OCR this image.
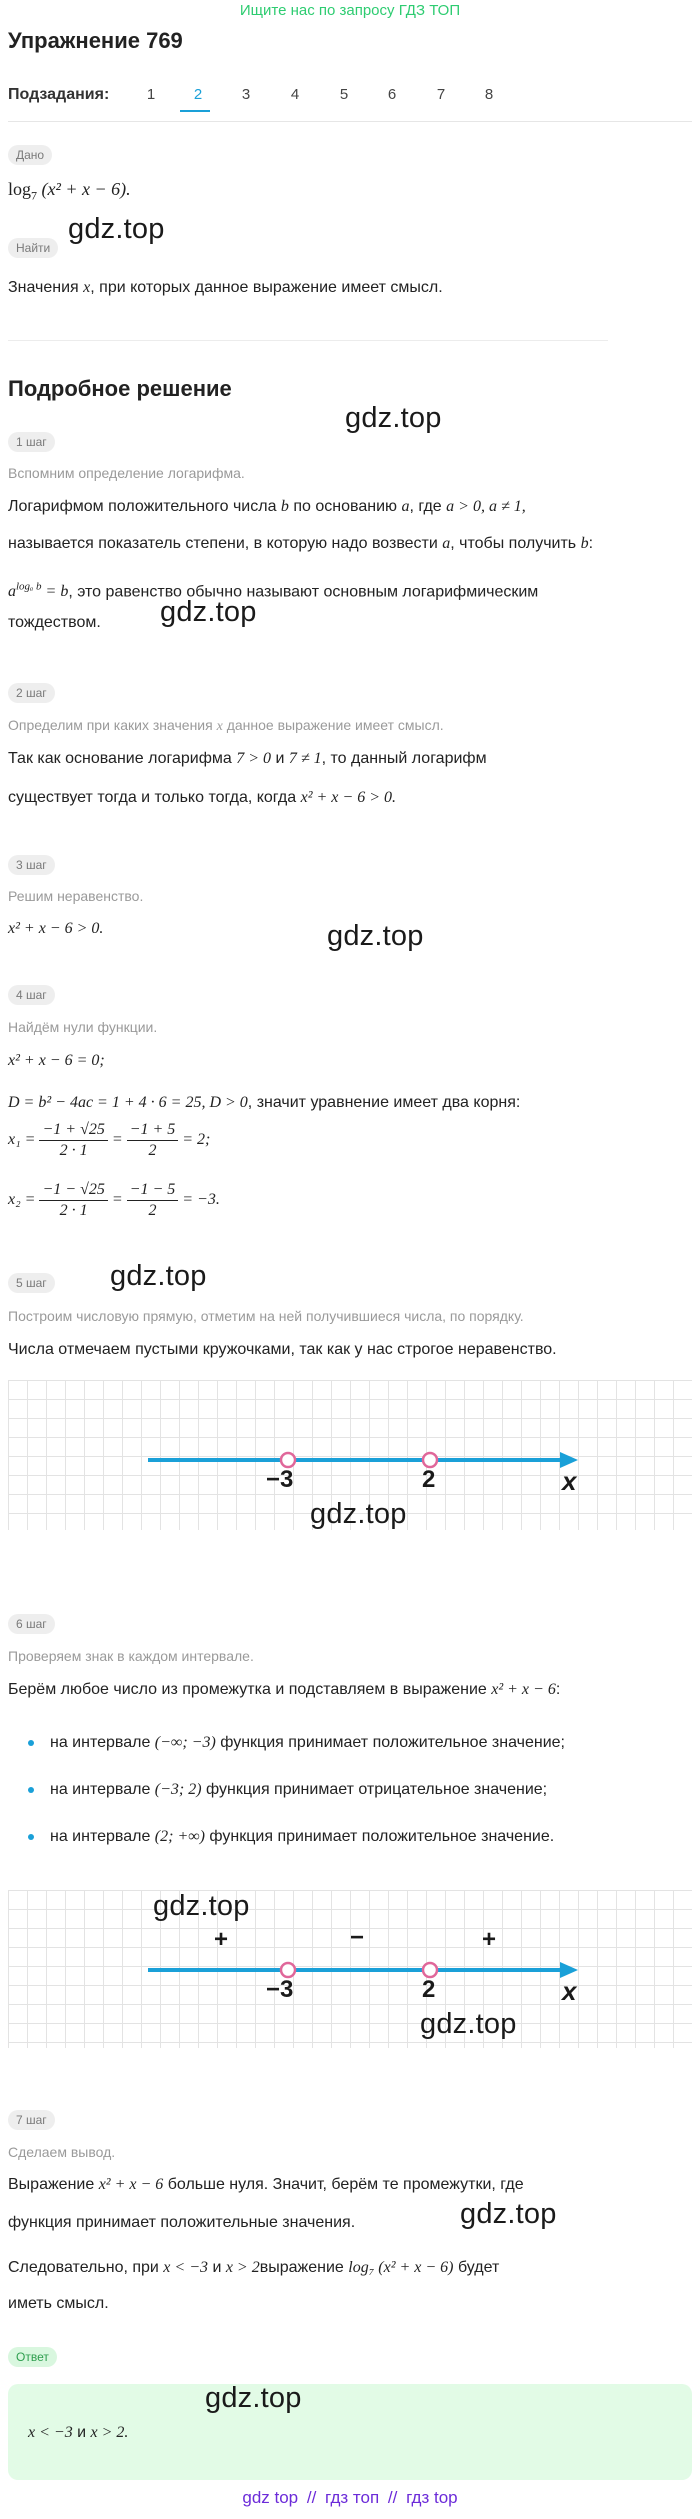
Ищите нас по запросу ГДЗ ТОП
Упражнение 769
Подзадания:	1	2	3	4	5	6	7	8
Дано
$\log_7 (x^2 + x - 6)$.
Найти
gdz.top
Значения x, при которых данное выражение имеет смысл.
Подробное решение
gdz.top
1 шаг
Вспомним определение логарифма.
Логарифмом положительного числа b по основанию a, где a > 0, a ≠ 1,
называется показатель степени, в которую надо возвести a, чтобы получить b:
$a^{log_a b} = b$, это равенство обычно называют основным логарифмическим
тождеством. gdz.top
2 шаг
Определим при каких значения x данное выражение имеет смысл.
Так как основание логарифма 7 > 0 и 7 ≠ 1, то данный логарифм
существует тогда и только тогда, когда x² + x − 6 > 0.
3 шаг
Решим неравенство.
x² + x − 6 > 0.	gdz.top
4 шаг
Найдём нули функции.
x² + x − 6 = 0;
D = b² − 4ac = 1 + 4 · 6 = 25, D > 0, значит уравнение имеет два корня:
$x_1 = \frac{-1 + √25}{2 \cdot 1} = \frac{-1 + 5}{2} = 2$;
$x_2 = \frac{-1 - √25}{2 \cdot 1} = \frac{-1 - 5}{2} = -3$.
5 шаг gdz.top
Построим числовую прямую, отметим на ней получившиеся числа, по порядку.
Числа отмечаем пустыми кружочками, так как у нас строгое неравенство.
−3	2	x
gdz.top
6 шаг
Проверяем знак в каждом интервале.
Берём любое число из промежутка и подставляем в выражение x² + x − 6:
на интервале (−∞; −3) функция принимает положительное значение;
на интервале (−3; 2) функция принимает отрицательное значение;
на интервале (2; +∞) функция принимает положительное значение.
gdz.top
+	−	+
−3	2	x
gdz.top
7 шаг
Сделаем вывод.
Выражение x² + x − 6 больше нуля. Значит, берём те промежутки, где
функция принимает положительные значения.	gdz.top
Следовательно, при x < −3 и x > 2выражение log₇ (x² + x − 6) будет
иметь смысл.
Ответ
x < −3 и x > 2.
gdz.top
gdz top // гдз топ // гдз top
